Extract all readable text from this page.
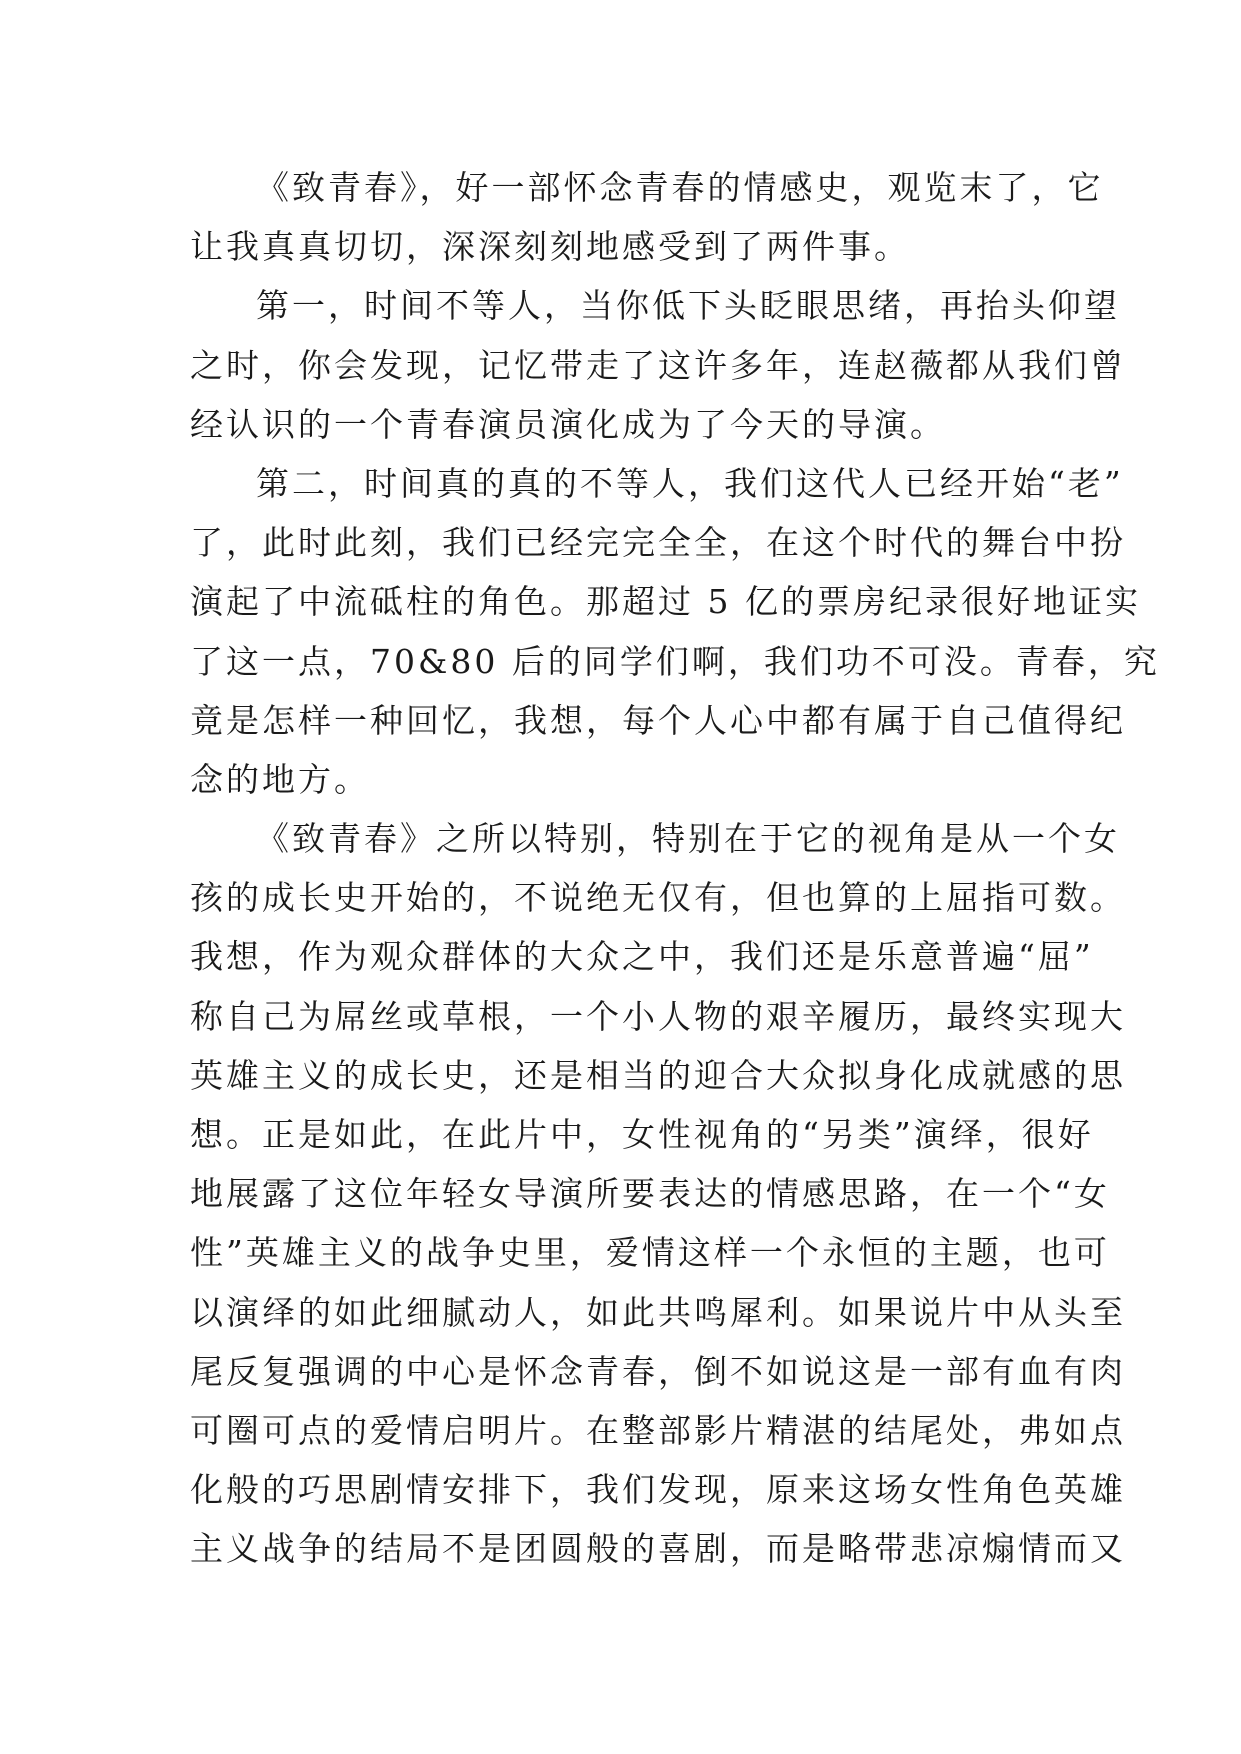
《致青春》，好一部怀念青春的情感史，观览末了，它
让我真真切切，深深刻刻地感受到了两件事。
第一，时间不等人，当你低下头眨眼思绪，再抬头仰望
之时，你会发现，记忆带走了这许多年，连赵薇都从我们曾
经认识的一个青春演员演化成为了今天的导演。
第二，时间真的真的不等人，我们这代人已经开始“老”
了，此时此刻，我们已经完完全全，在这个时代的舞台中扮
演起了中流砥柱的角色。那超过 5 亿的票房纪录很好地证实
了这一点，70&80 后的同学们啊，我们功不可没。青春，究
竟是怎样一种回忆，我想，每个人心中都有属于自己值得纪
念的地方。
《致青春》之所以特别，特别在于它的视角是从一个女
孩的成长史开始的，不说绝无仅有，但也算的上屈指可数。
我想，作为观众群体的大众之中，我们还是乐意普遍“屈”
称自己为屌丝或草根，一个小人物的艰辛履历，最终实现大
英雄主义的成长史，还是相当的迎合大众拟身化成就感的思
想。正是如此，在此片中，女性视角的“另类”演绎，很好
地展露了这位年轻女导演所要表达的情感思路，在一个“女
性”英雄主义的战争史里，爱情这样一个永恒的主题，也可
以演绎的如此细腻动人，如此共鸣犀利。如果说片中从头至
尾反复强调的中心是怀念青春，倒不如说这是一部有血有肉
可圈可点的爱情启明片。在整部影片精湛的结尾处，弗如点
化般的巧思剧情安排下，我们发现，原来这场女性角色英雄
主义战争的结局不是团圆般的喜剧，而是略带悲凉煽情而又
